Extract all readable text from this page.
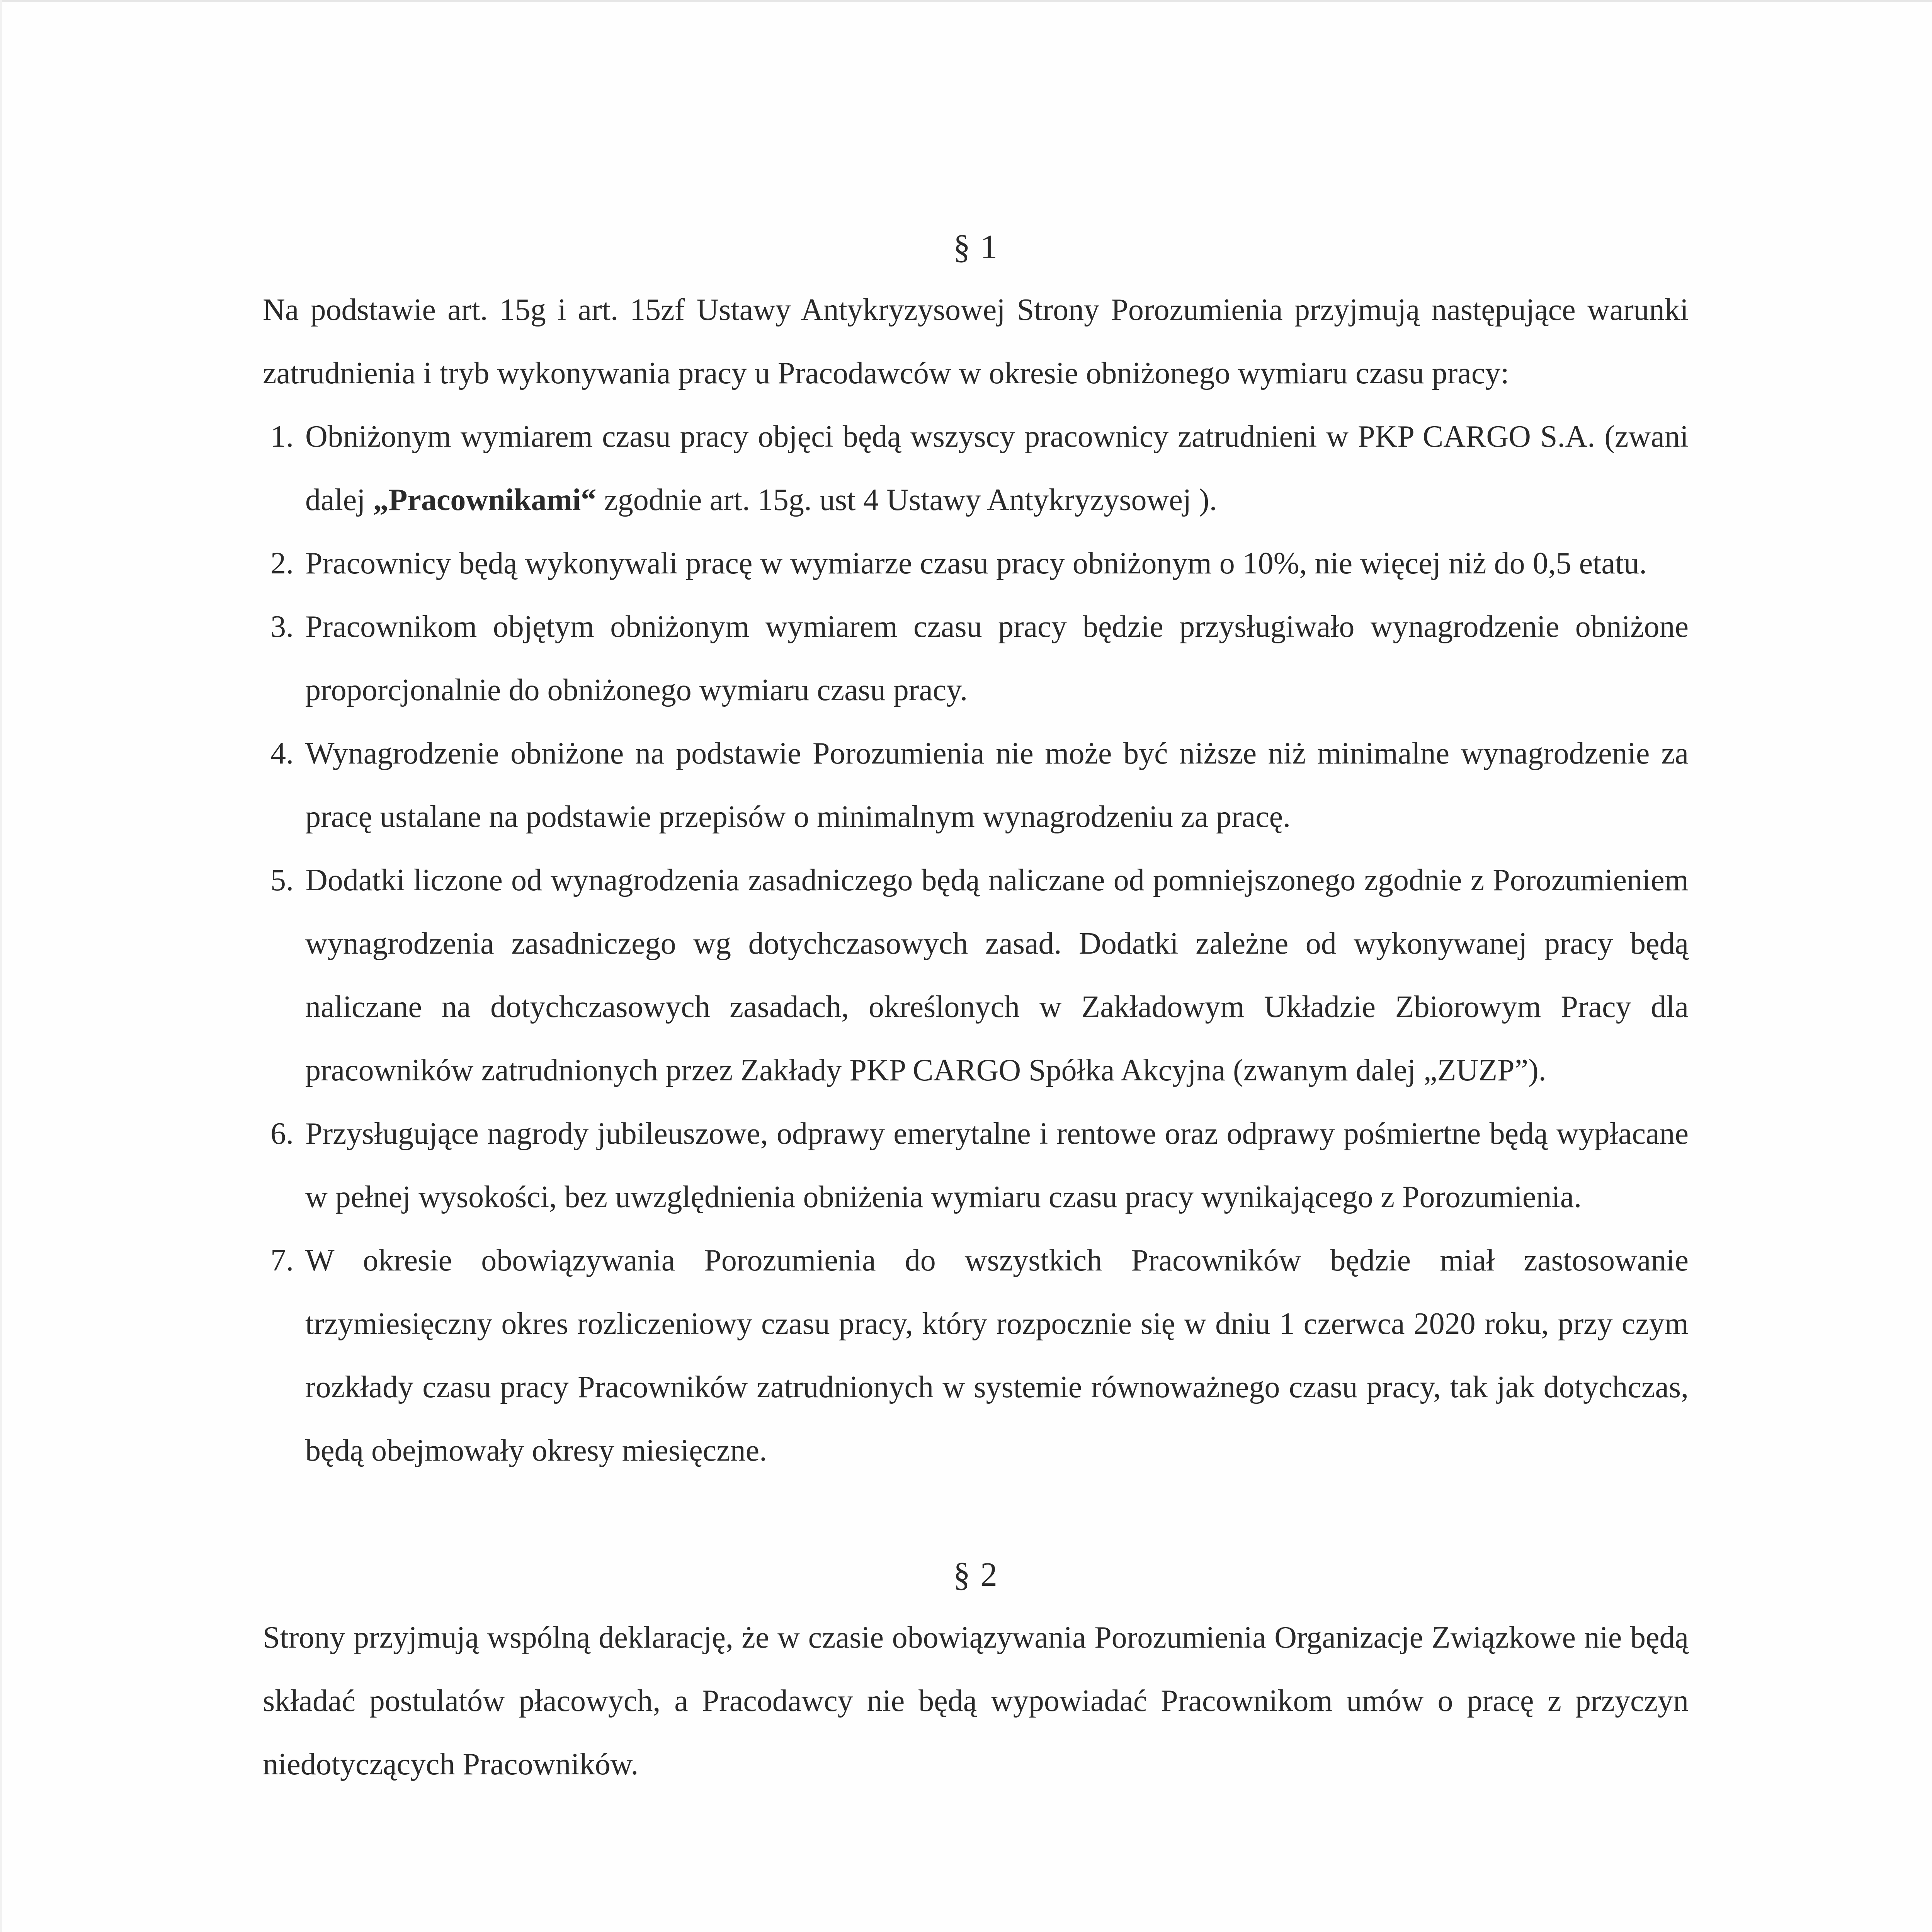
§ 1

Na podstawie art. 15g i art. 15zf Ustawy Antykryzysowej Strony Porozumienia przyjmują następujące warunki zatrudnienia i tryb wykonywania pracy u Pracodawców w okresie obniżonego wymiaru czasu pracy:

1. Obniżonym wymiarem czasu pracy objęci będą wszyscy pracownicy zatrudnieni w PKP CARGO S.A. (zwani dalej „Pracownikami“ zgodnie art. 15g. ust 4 Ustawy Antykryzysowej ).
2. Pracownicy będą wykonywali pracę w wymiarze czasu pracy obniżonym o 10%, nie więcej niż do 0,5 etatu.
3. Pracownikom objętym obniżonym wymiarem czasu pracy będzie przysługiwało wynagrodzenie obniżone proporcjonalnie do obniżonego wymiaru czasu pracy.
4. Wynagrodzenie obniżone na podstawie Porozumienia nie może być niższe niż minimalne wynagrodzenie za pracę ustalane na podstawie przepisów o minimalnym wynagrodzeniu za pracę.
5. Dodatki liczone od wynagrodzenia zasadniczego będą naliczane od pomniejszonego zgodnie z Porozumieniem wynagrodzenia zasadniczego wg dotychczasowych zasad. Dodatki zależne od wykonywanej pracy będą naliczane na dotychczasowych zasadach, określonych w Zakładowym Układzie Zbiorowym Pracy dla pracowników zatrudnionych przez Zakłady PKP CARGO Spółka Akcyjna (zwanym dalej „ZUZP”).
6. Przysługujące nagrody jubileuszowe, odprawy emerytalne i rentowe oraz odprawy pośmiertne będą wypłacane w pełnej wysokości, bez uwzględnienia obniżenia wymiaru czasu pracy wynikającego z Porozumienia.
7. W okresie obowiązywania Porozumienia do wszystkich Pracowników będzie miał zastosowanie trzymiesięczny okres rozliczeniowy czasu pracy, który rozpocznie się w dniu 1 czerwca 2020 roku, przy czym rozkłady czasu pracy Pracowników zatrudnionych w systemie równoważnego czasu pracy, tak jak dotychczas, będą obejmowały okresy miesięczne.

§ 2

Strony przyjmują wspólną deklarację, że w czasie obowiązywania Porozumienia Organizacje Związkowe nie będą składać postulatów płacowych, a Pracodawcy nie będą wypowiadać Pracownikom umów o pracę z przyczyn niedotyczących Pracowników.
